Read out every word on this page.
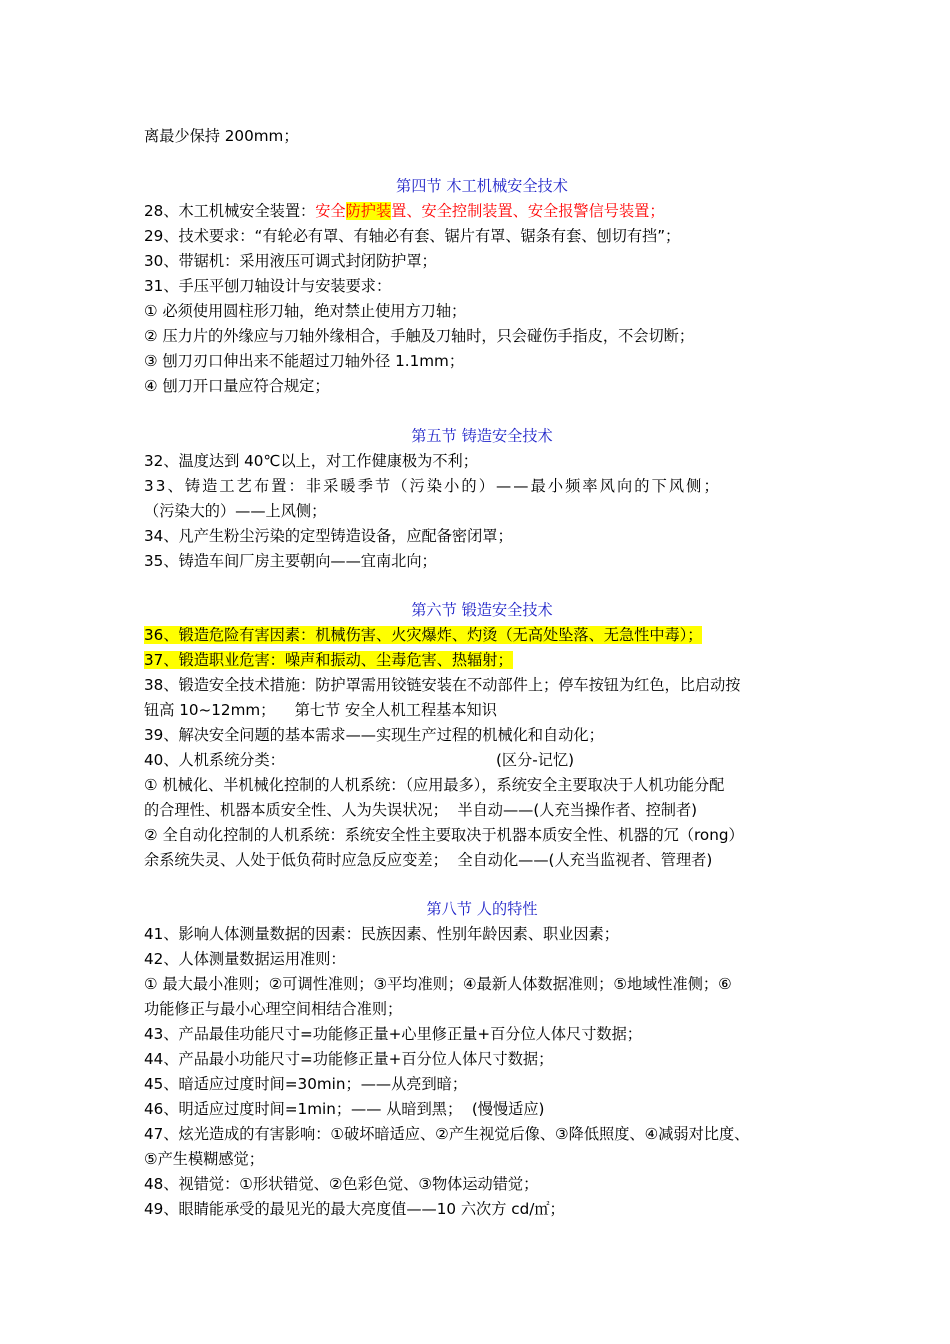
离最少保持 200mm；
第四节 木工机械安全技术
28、木工机械安全装置：安全防护装置、安全控制装置、安全报警信号装置；
29、技术要求：“有轮必有罩、有轴必有套、锯片有罩、锯条有套、刨切有挡”；
30、带锯机：采用液压可调式封闭防护罩；
31、手压平刨刀轴设计与安装要求：
① 必须使用圆柱形刀轴，绝对禁止使用方刀轴；
② 压力片的外缘应与刀轴外缘相合，手触及刀轴时，只会碰伤手指皮，不会切断；
③ 刨刀刃口伸出来不能超过刀轴外径 1.1mm；
④ 刨刀开口量应符合规定；
第五节 铸造安全技术
32、温度达到 40℃以上，对工作健康极为不利；
33、铸造工艺布置：非采暖季节（污染小的）——最小频率风向的下风侧；
（污染大的）——上风侧；
34、凡产生粉尘污染的定型铸造设备，应配备密闭罩；
35、铸造车间厂房主要朝向——宜南北向；
第六节 锻造安全技术
36、锻造危险有害因素：机械伤害、火灾爆炸、灼烫（无高处坠落、无急性中毒）；
37、锻造职业危害：噪声和振动、尘毒危害、热辐射；
38、锻造安全技术措施：防护罩需用铰链安装在不动部件上；停车按钮为红色，比启动按
钮高 10~12mm；    第七节 安全人机工程基本知识
39、解决安全问题的基本需求——实现生产过程的机械化和自动化；
40、人机系统分类：	(区分-记忆)
① 机械化、半机械化控制的人机系统：（应用最多），系统安全主要取决于人机功能分配
的合理性、机器本质安全性、人为失误状况；  半自动——(人充当操作者、控制者)
② 全自动化控制的人机系统：系统安全性主要取决于机器本质安全性、机器的冗（rong）
余系统失灵、人处于低负荷时应急反应变差；  全自动化——(人充当监视者、管理者)
第八节 人的特性
41、影响人体测量数据的因素：民族因素、性别年龄因素、职业因素；
42、人体测量数据运用准则：
① 最大最小准则；②可调性准则；③平均准则；④最新人体数据准则；⑤地域性准侧；⑥
功能修正与最小心理空间相结合准则；
43、产品最佳功能尺寸=功能修正量+心里修正量+百分位人体尺寸数据；
44、产品最小功能尺寸=功能修正量+百分位人体尺寸数据；
45、暗适应过度时间=30min；——从亮到暗；
46、明适应过度时间=1min；—— 从暗到黑；  (慢慢适应)
47、炫光造成的有害影响：①破坏暗适应、②产生视觉后像、③降低照度、④减弱对比度、
⑤产生模糊感觉；
48、视错觉：①形状错觉、②色彩色觉、③物体运动错觉；
49、眼睛能承受的最见光的最大亮度值——10 六次方 cd/㎡；
